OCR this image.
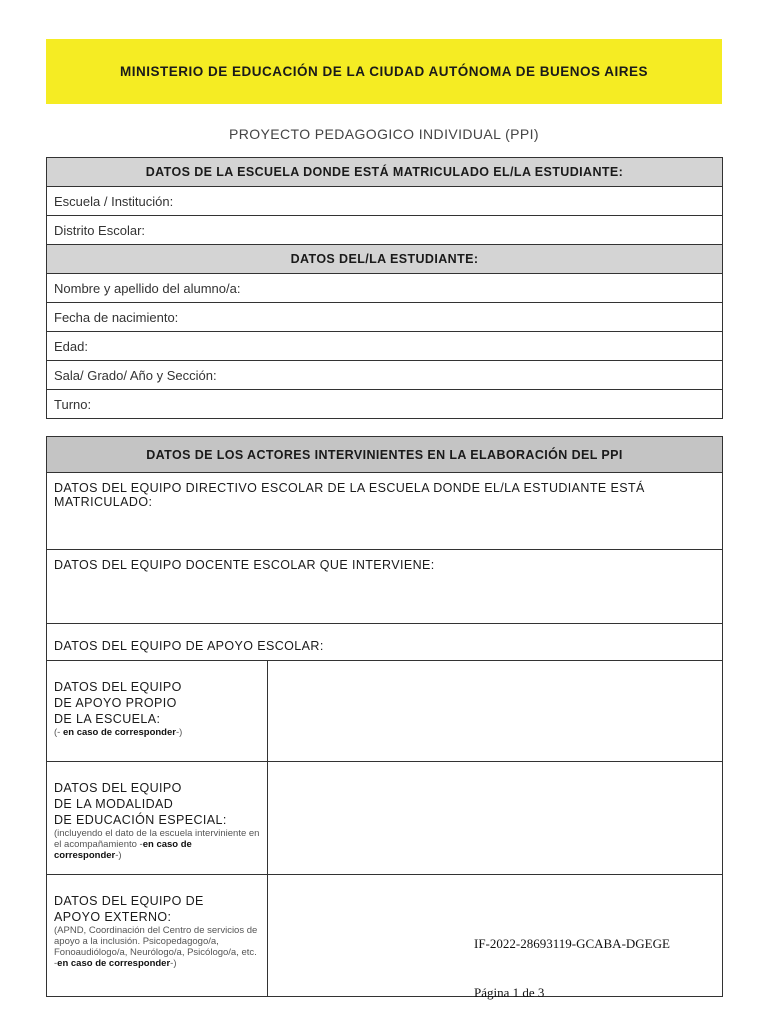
MINISTERIO DE EDUCACIÓN DE LA CIUDAD AUTÓNOMA DE BUENOS AIRES
PROYECTO PEDAGOGICO INDIVIDUAL (PPI)
DATOS DE LA ESCUELA DONDE ESTÁ MATRICULADO EL/LA ESTUDIANTE:
Escuela / Institución:
Distrito Escolar:
DATOS DEL/LA ESTUDIANTE:
Nombre y apellido del alumno/a:
Fecha de nacimiento:
Edad:
Sala/ Grado/ Año y Sección:
Turno:
DATOS DE LOS ACTORES INTERVINIENTES EN LA ELABORACIÓN DEL PPI	
DATOS DEL EQUIPO DIRECTIVO ESCOLAR DE LA ESCUELA DONDE EL/LA ESTUDIANTE ESTÁ MATRICULADO:	
DATOS DEL EQUIPO DOCENTE ESCOLAR QUE INTERVIENE:	
DATOS DEL EQUIPO DE APOYO ESCOLAR:	
DATOS DEL EQUIPO
DE APOYO PROPIO
DE LA ESCUELA:
(- en caso de corresponder-)	

DATOS DEL EQUIPO
DE LA MODALIDAD
DE EDUCACIÓN ESPECIAL:
(incluyendo el dato de la escuela interviniente en el acompañamiento -en caso de corresponder-)	

DATOS DEL EQUIPO DE
APOYO EXTERNO:
(APND, Coordinación del Centro de servicios de apoyo a la inclusión. Psicopedagogo/a, Fonoaudiólogo/a, Neurólogo/a, Psicólogo/a, etc. -en caso de corresponder-)	

IF-2022-28693119-GCABA-DGEGE
Página 1 de 3
